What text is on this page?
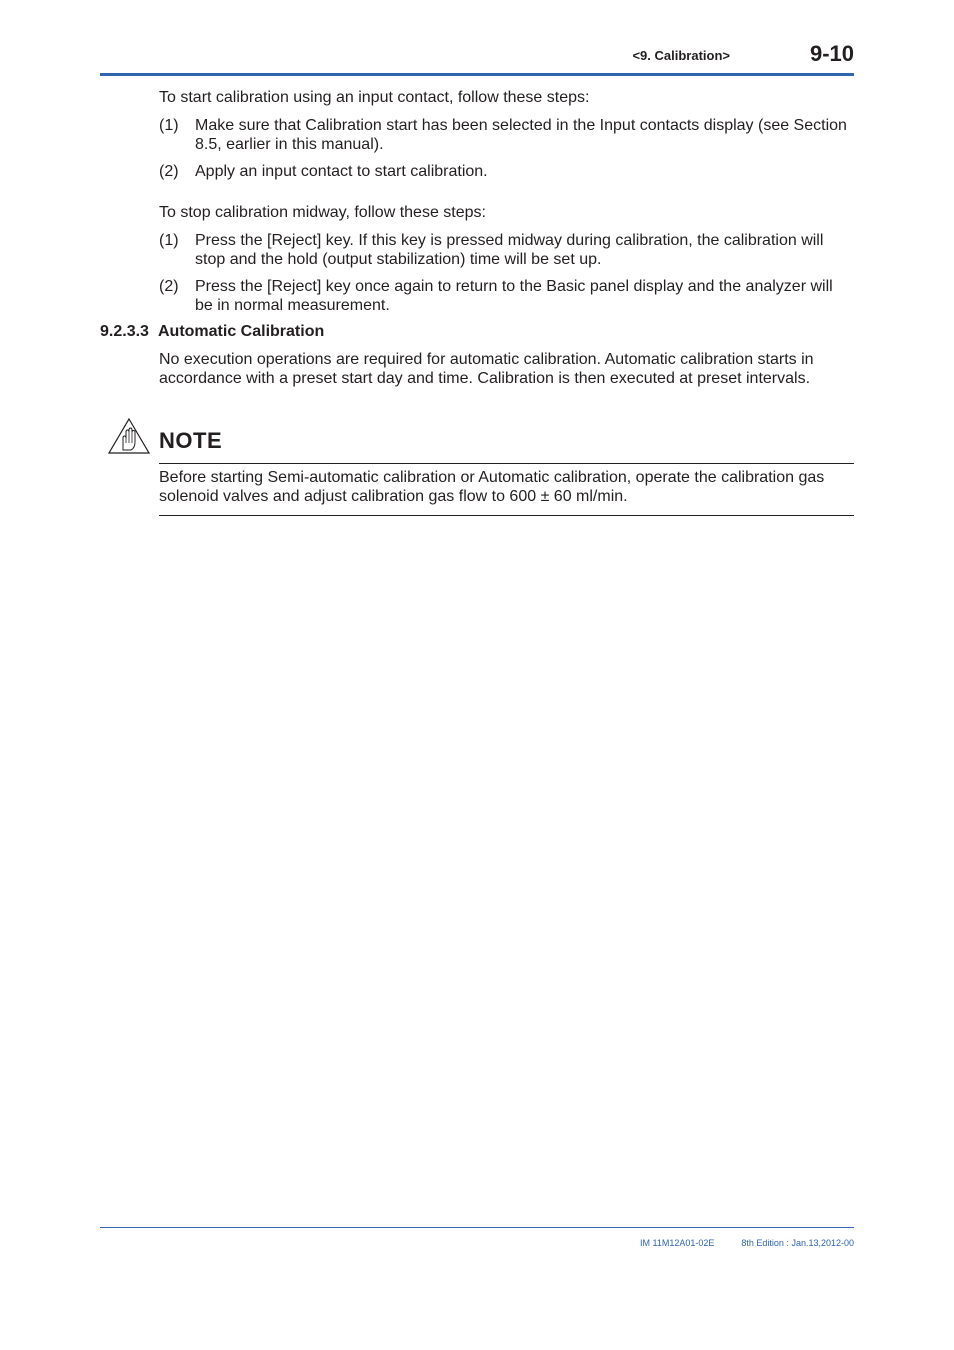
<9. Calibration>	9-10
To start calibration using an input contact, follow these steps:
(1) Make sure that Calibration start has been selected in the Input contacts display (see Section 8.5, earlier in this manual).
(2) Apply an input contact to start calibration.
To stop calibration midway, follow these steps:
(1) Press the [Reject] key. If this key is pressed midway during calibration, the calibration will stop and the hold (output stabilization) time will be set up.
(2) Press the [Reject] key once again to return to the Basic panel display and the analyzer will be in normal measurement.
9.2.3.3 Automatic Calibration
No execution operations are required for automatic calibration. Automatic calibration starts in accordance with a preset start day and time. Calibration is then executed at preset intervals.
NOTE
Before starting Semi-automatic calibration or Automatic calibration, operate the calibration gas solenoid valves and adjust calibration gas flow to 600 ± 60 ml/min.
IM 11M12A01-02E	8th Edition : Jan.13,2012-00
